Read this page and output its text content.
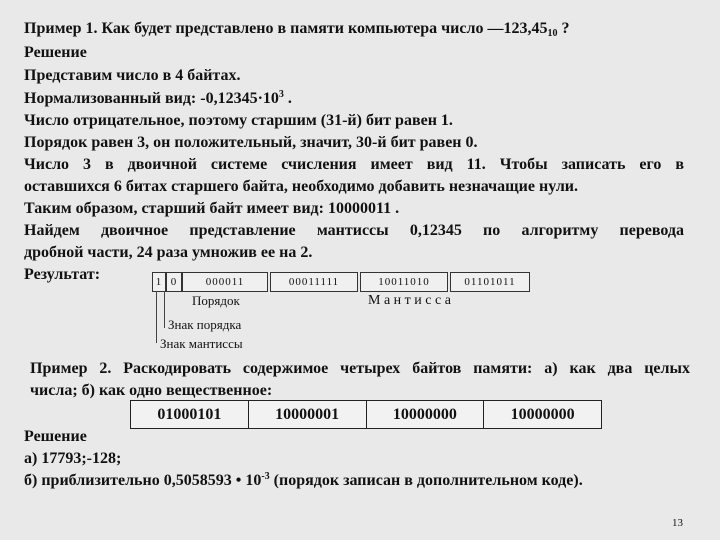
Пример 1. Как будет представлено в памяти компьютера число $—123,45_{10}$ ?
Решение
Представим число в 4 байтах.
Нормализованный вид: $-0,12345\cdot 10^3$ .
Число отрицательное, поэтому старшим (31-й) бит равен 1.
Порядок равен 3, он положительный, значит, 30-й бит равен 0.
Число 3 в двоичной системе счисления имеет вид 11. Чтобы записать его в
оставшихся 6 битах старшего байта, необходимо добавить незначащие нули.
Таким образом, старший байт имеет вид: 10000011 .
Найдем двоичное представление мантиссы 0,12345 по алгоритму перевода
дробной части, 24 раза умножив ее на 2.
Результат:	1 0	000011	00011111	10011010	01101011
Порядок	М а н т и с с а
Знак порядка
Знак мантиссы
Пример 2. Раскодировать содержимое четырех байтов памяти: а) как два целых
числа; б) как одно вещественное:
01000101	10000001	10000000	10000000
Решение
а) 17793;-128;
б) приблизительно 0,5058593 • $10^{-3}$ (порядок записан в дополнительном коде).
13
